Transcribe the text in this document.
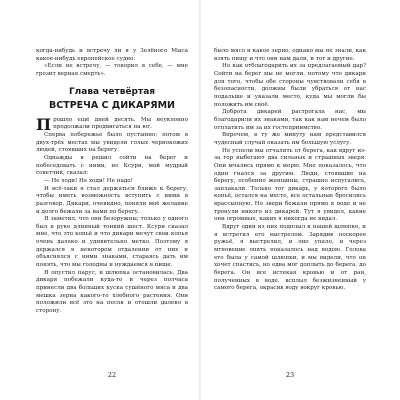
когда-нибудь и встречу ли я у Зелёного Мыса какое-нибудь европейское судно.

«Если не встречу, — говорил я себе, — мне грозит верная смерть».

Глава четвёртая
ВСТРЕЧА С ДИКАРЯМИ

Прошло ещё дней десять. Мы неуклонно продолжали продвигаться на юг.

Сперва побережье было пустынно; потом в двух-трёх местах мы увидели голых чернокожих людей, стоявших на берегу.

Однажды я решил сойти на берег и побеседовать с ними, но Ксури, мой мудрый советчик, сказал:

— Не ходи! Не ходи! Не надо!

И всё-таки я стал держаться ближе к берегу, чтобы иметь возможность вступить с ними в разговор. Дикари, очевидно, поняли моё желание и долго бежали за нами по берегу.

Я заметил, что они безоружны; только у одного был в руке длинный тонкий шест. Ксури сказал мне, что это копьё и что дикари мечут свои копья очень далеко и удивительно метко. Поэтому я держался в некотором отдалении от них и объяснялся с ними знаками, стараясь дать им понять, что мы голодны и нуждаемся в пище.

Я опустил парус, и шлюпка остановилась. Два дикаря побежали куда-то и через полчаса принесли два больших куска сушёного мяса и два мешка зерна какого-то хлебного растения. Они положили всё это на песок и отошли далеко в сторону.

22

было мясо и какое зерно, однако мы не знали, как взять пищу и что они нам дали, и тот и другие.

Но как отблагодарить их за предлагаемый дар? Сойти на берег мы не могли, потому что дикари для того, чтобы обе стороны чувствовали себя в безопасности, должны были убраться от нас подальше и указали место, куда мы могли бы положить им своё.

Доброта дикарей растрогала нас, мы благодарили их знаками, так как нам нечем было отплатить им за их гостеприимство.

Впрочем, в ту же минуту нам представился чудесный случай оказать им большую услугу.

Не успели мы отчалить от берега, как вдруг из-за гор выбегают два сильных и страшных зверя. Они мчались прямо к морю. Мне показалось, что один гнался за другим. Люди, стоявшие на берегу, особенно женщины, страшно испугались, заплакали. Только тот дикарь, у которого было копьё, остался на месте, все остальные бросились врассыпную. Но звери бежали прямо к воде и не тронули никого из дикарей. Тут я увидел, какие они огромные, каких я никогда не видал.

Вдруг один из них подплыл к нашей шлюпке, и я встретил его выстрелом. Зарядив поскорее ружьё, я выстрелил, и оно упало, и через мгновение опять показалось над водою. Голова его была у самой шлюпки, и мы видели, что он хочет спастись, но едва мог доплыть до берега, до берега. Он все истекая кровью и от ран, полученных в воде, всплыл безжизненный у самого берега, окрасив воду вокруг кровью.

23
